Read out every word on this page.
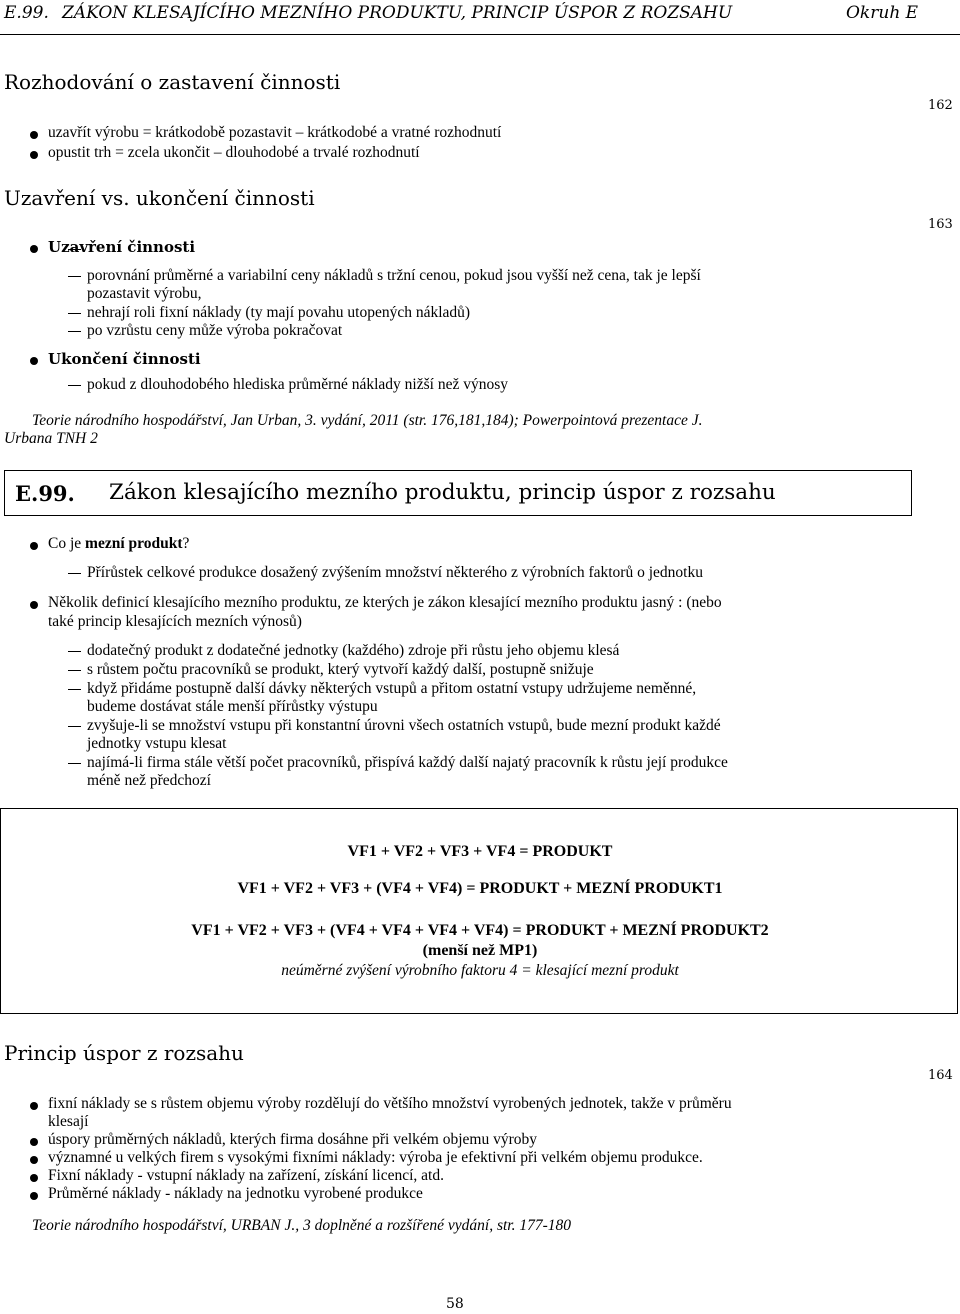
E.99. ZÁKON KLESAJÍCÍHO MEZNÍHO PRODUKTU, PRINCIP ÚSPOR Z ROZSAHU	Okruh E
Rozhodování o zastavení činnosti
162
uzavřít výrobu = krátkodobě pozastavit – krátkodobé a vratné rozhodnutí
opustit trh = zcela ukončit – dlouhodobé a trvalé rozhodnutí
Uzavření vs. ukončení činnosti
163
Uzavření činnosti
porovnání průměrné a variabilní ceny nákladů s tržní cenou, pokud jsou vyšší než cena, tak je lepší
pozastavit výrobu,
nehrají roli fixní náklady (ty mají povahu utopených nákladů)
po vzrůstu ceny může výroba pokračovat
Ukončení činnosti
pokud z dlouhodobého hlediska průměrné náklady nižší než výnosy
Teorie národního hospodářství, Jan Urban, 3. vydání, 2011 (str. 176,181,184); Powerpointová prezentace J.
Urbana TNH 2
E.99. Zákon klesajícího mezního produktu, princip úspor z rozsahu
Co je mezní produkt?
Přírůstek celkové produkce dosažený zvýšením množství některého z výrobních faktorů o jednotku
Několik definicí klesajícího mezního produktu, ze kterých je zákon klesající mezního produktu jasný : (nebo
také princip klesajících mezních výnosů)
dodatečný produkt z dodatečné jednotky (každého) zdroje při růstu jeho objemu klesá
s růstem počtu pracovníků se produkt, který vytvoří každý další, postupně snižuje
když přidáme postupně další dávky některých vstupů a přitom ostatní vstupy udržujeme neměnné,
budeme dostávat stále menší přírůstky výstupu
zvyšuje-li se množství vstupu při konstantní úrovni všech ostatních vstupů, bude mezní produkt každé
jednotky vstupu klesat
najímá-li firma stále větší počet pracovníků, přispívá každý další najatý pracovník k růstu její produkce
méně než předchozí
VF1 + VF2 + VF3 + VF4 = PRODUKT
VF1 + VF2 + VF3 + (VF4 + VF4) = PRODUKT + MEZNÍ PRODUKT1
VF1 + VF2 + VF3 + (VF4 + VF4 + VF4 + VF4) = PRODUKT + MEZNÍ PRODUKT2
(menší než MP1)
neúměrné zvýšení výrobního faktoru 4 = klesající mezní produkt
Princip úspor z rozsahu
164
fixní náklady se s růstem objemu výroby rozdělují do většího množství vyrobených jednotek, takže v průměru
klesají
úspory průměrných nákladů, kterých firma dosáhne při velkém objemu výroby
významné u velkých firem s vysokými fixními náklady: výroba je efektivní při velkém objemu produkce.
Fixní náklady - vstupní náklady na zařízení, získání licencí, atd.
Průměrné náklady - náklady na jednotku vyrobené produkce
Teorie národního hospodářství, URBAN J., 3 doplněné a rozšířené vydání, str. 177-180
58
